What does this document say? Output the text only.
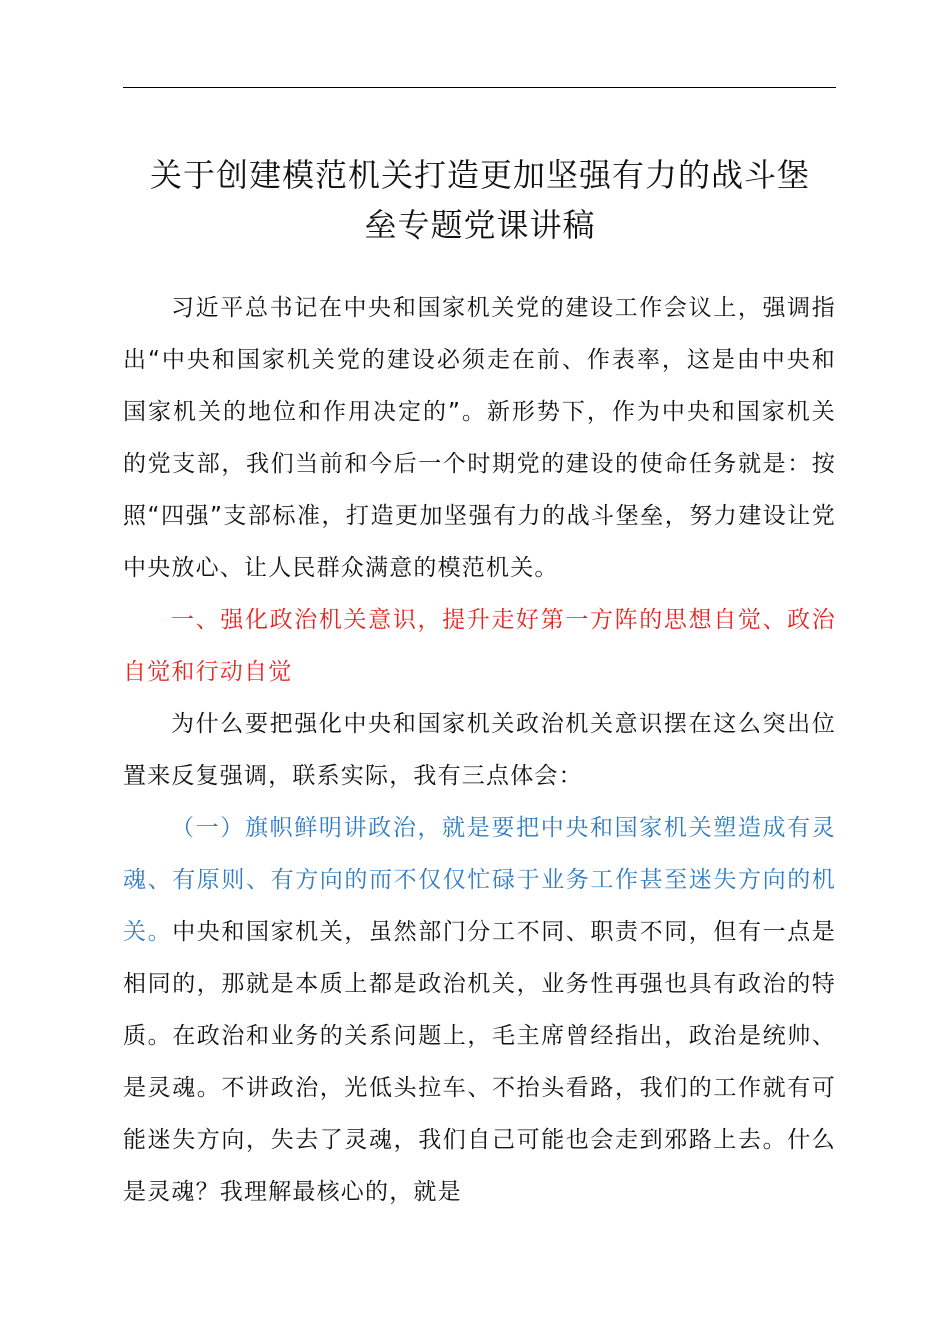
关于创建模范机关打造更加坚强有力的战斗堡
垒专题党课讲稿

习近平总书记在中央和国家机关党的建设工作会议上，强调指出“中央和国家机关党的建设必须走在前、作表率，这是由中央和国家机关的地位和作用决定的”。新形势下，作为中央和国家机关的党支部，我们当前和今后一个时期党的建设的使命任务就是：按照“四强”支部标准，打造更加坚强有力的战斗堡垒，努力建设让党中央放心、让人民群众满意的模范机关。

一、强化政治机关意识，提升走好第一方阵的思想自觉、政治自觉和行动自觉

为什么要把强化中央和国家机关政治机关意识摆在这么突出位置来反复强调，联系实际，我有三点体会：

（一）旗帜鲜明讲政治，就是要把中央和国家机关塑造成有灵魂、有原则、有方向的而不仅仅忙碌于业务工作甚至迷失方向的机关。中央和国家机关，虽然部门分工不同、职责不同，但有一点是相同的，那就是本质上都是政治机关，业务性再强也具有政治的特质。在政治和业务的关系问题上，毛主席曾经指出，政治是统帅、是灵魂。不讲政治，光低头拉车、不抬头看路，我们的工作就有可能迷失方向，失去了灵魂，我们自己可能也会走到邪路上去。什么是灵魂？我理解最核心的，就是
